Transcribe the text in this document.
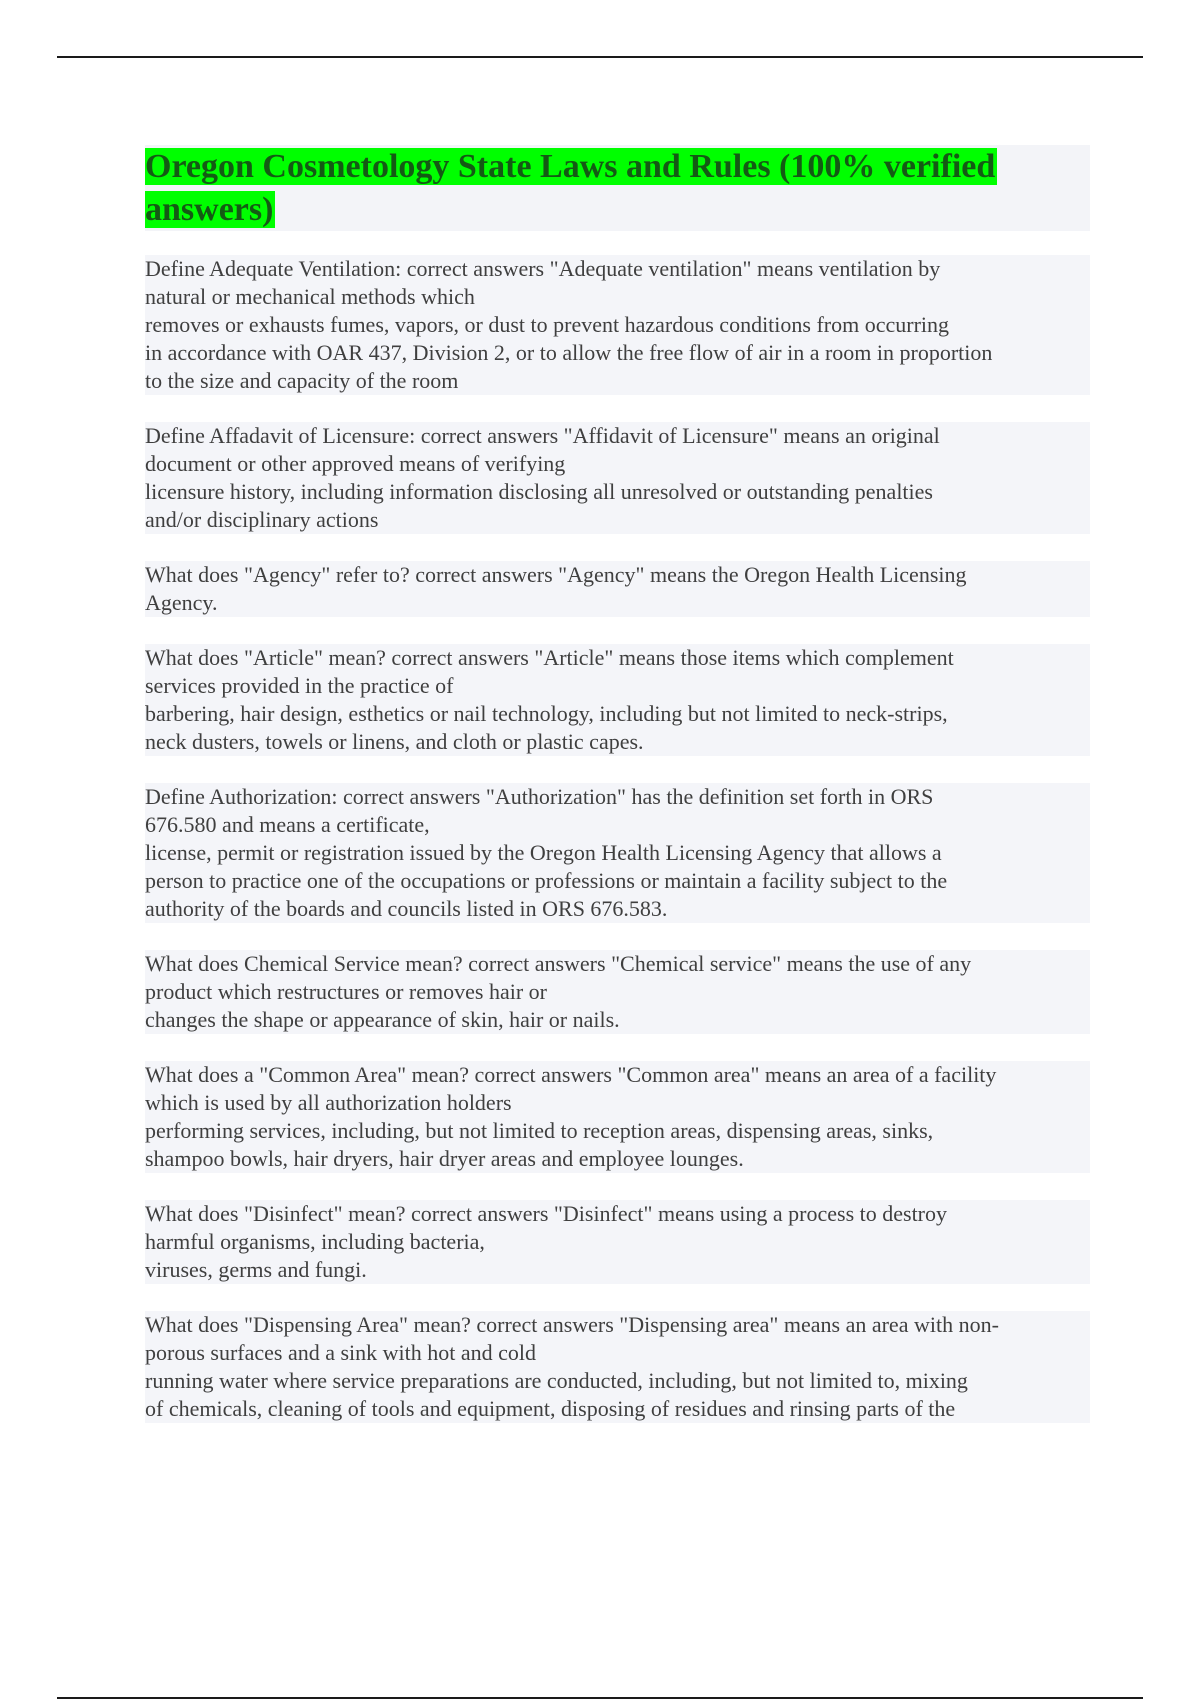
Oregon Cosmetology State Laws and Rules (100% verified answers)
Define Adequate Ventilation: correct answers "Adequate ventilation" means ventilation by
natural or mechanical methods which
removes or exhausts fumes, vapors, or dust to prevent hazardous conditions from occurring
in accordance with OAR 437, Division 2, or to allow the free flow of air in a room in proportion
to the size and capacity of the room
Define Affadavit of Licensure: correct answers "Affidavit of Licensure" means an original
document or other approved means of verifying
licensure history, including information disclosing all unresolved or outstanding penalties
and/or disciplinary actions
What does "Agency" refer to? correct answers "Agency" means the Oregon Health Licensing
Agency.
What does "Article" mean? correct answers "Article" means those items which complement
services provided in the practice of
barbering, hair design, esthetics or nail technology, including but not limited to neck-strips,
neck dusters, towels or linens, and cloth or plastic capes.
Define Authorization: correct answers "Authorization" has the definition set forth in ORS
676.580 and means a certificate,
license, permit or registration issued by the Oregon Health Licensing Agency that allows a
person to practice one of the occupations or professions or maintain a facility subject to the
authority of the boards and councils listed in ORS 676.583.
What does Chemical Service mean? correct answers "Chemical service" means the use of any
product which restructures or removes hair or
changes the shape or appearance of skin, hair or nails.
What does a "Common Area" mean? correct answers "Common area" means an area of a facility
which is used by all authorization holders
performing services, including, but not limited to reception areas, dispensing areas, sinks,
shampoo bowls, hair dryers, hair dryer areas and employee lounges.
What does "Disinfect" mean? correct answers "Disinfect" means using a process to destroy
harmful organisms, including bacteria,
viruses, germs and fungi.
What does "Dispensing Area" mean? correct answers "Dispensing area" means an area with non-
porous surfaces and a sink with hot and cold
running water where service preparations are conducted, including, but not limited to, mixing
of chemicals, cleaning of tools and equipment, disposing of residues and rinsing parts of the
